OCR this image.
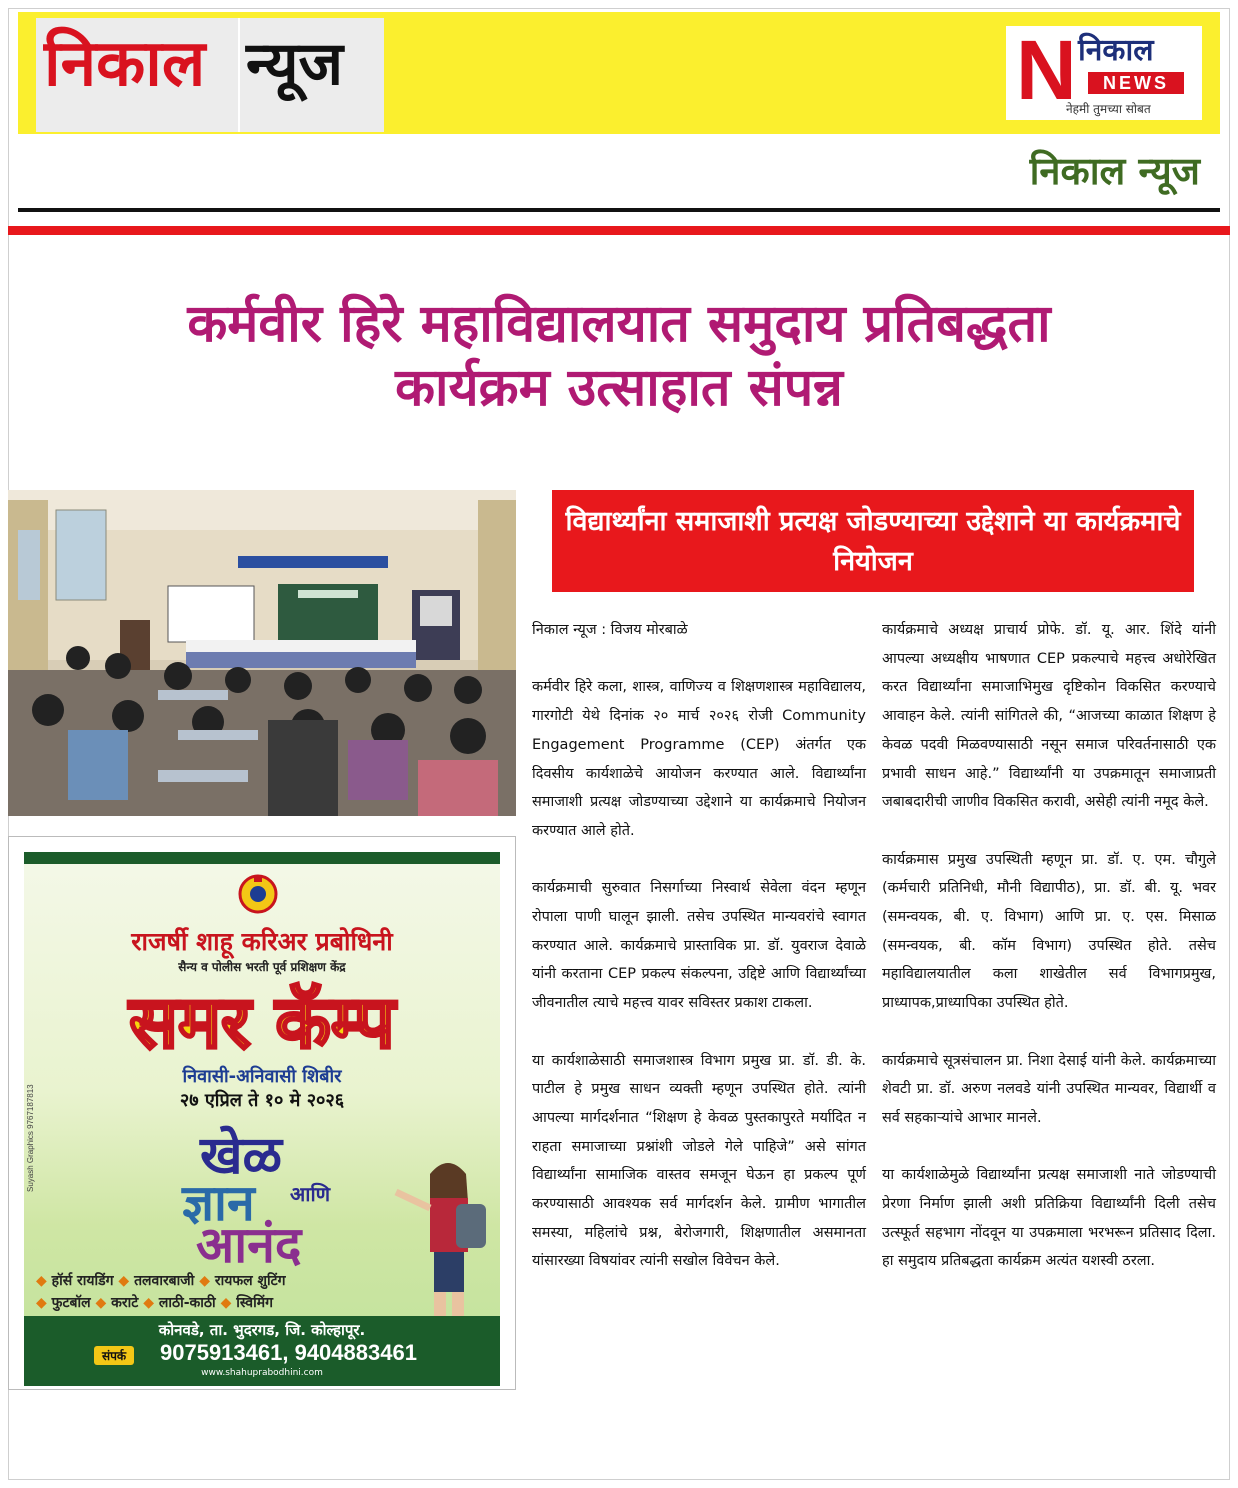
निकाल न्यूज	N निकाल
NEWS
नेहमी तुमच्या सोबत
निकाल न्यूज
कर्मवीर हिरे महाविद्यालयात समुदाय प्रतिबद्धता
कार्यक्रम उत्साहात संपन्न
विद्यार्थ्यांना समाजाशी प्रत्यक्ष जोडण्याच्या उद्देशाने या कार्यक्रमाचे नियोजन

निकाल न्यूज : विजय मोरबाळे

कर्मवीर हिरे कला, शास्त्र, वाणिज्य व शिक्षणशास्त्र महाविद्यालय, गारगोटी येथे दिनांक २० मार्च २०२६ रोजी Community Engagement Programme (CEP) अंतर्गत एक दिवसीय कार्यशाळेचे आयोजन करण्यात आले. विद्यार्थ्यांना समाजाशी प्रत्यक्ष जोडण्याच्या उद्देशाने या कार्यक्रमाचे नियोजन करण्यात आले होते.

कार्यक्रमाची सुरुवात निसर्गाच्या निस्वार्थ सेवेला वंदन म्हणून रोपाला पाणी घालून झाली. तसेच उपस्थित मान्यवरांचे स्वागत करण्यात आले. कार्यक्रमाचे प्रास्ताविक प्रा. डॉ. युवराज देवाळे यांनी करताना CEP प्रकल्प संकल्पना, उद्दिष्टे आणि विद्यार्थ्यांच्या जीवनातील त्याचे महत्त्व यावर सविस्तर प्रकाश टाकला.

या कार्यशाळेसाठी समाजशास्त्र विभाग प्रमुख प्रा. डॉ. डी. के. पाटील हे प्रमुख साधन व्यक्ती म्हणून उपस्थित होते. त्यांनी आपल्या मार्गदर्शनात “शिक्षण हे केवळ पुस्तकापुरते मर्यादित न राहता समाजाच्या प्रश्नांशी जोडले गेले पाहिजे” असे सांगत विद्यार्थ्यांना सामाजिक वास्तव समजून घेऊन हा प्रकल्प पूर्ण करण्यासाठी आवश्यक सर्व मार्गदर्शन केले. ग्रामीण भागातील समस्या, महिलांचे प्रश्न, बेरोजगारी, शिक्षणातील असमानता यांसारख्या विषयांवर त्यांनी सखोल विवेचन केले.

कार्यक्रमाचे अध्यक्ष प्राचार्य प्रोफे. डॉ. यू. आर. शिंदे यांनी आपल्या अध्यक्षीय भाषणात CEP प्रकल्पाचे महत्त्व अधोरेखित करत विद्यार्थ्यांना समाजाभिमुख दृष्टिकोन विकसित करण्याचे आवाहन केले. त्यांनी सांगितले की, “आजच्या काळात शिक्षण हे केवळ पदवी मिळवण्यासाठी नसून समाज परिवर्तनासाठी एक प्रभावी साधन आहे.” विद्यार्थ्यांनी या उपक्रमातून समाजाप्रती जबाबदारीची जाणीव विकसित करावी, असेही त्यांनी नमूद केले.

कार्यक्रमास प्रमुख उपस्थिती म्हणून प्रा. डॉ. ए. एम. चौगुले (कर्मचारी प्रतिनिधी, मौनी विद्यापीठ), प्रा. डॉ. बी. यू. भवर (समन्वयक, बी. ए. विभाग) आणि प्रा. ए. एस. मिसाळ (समन्वयक, बी. कॉम विभाग) उपस्थित होते. तसेच महाविद्यालयातील कला शाखेतील सर्व विभागप्रमुख, प्राध्यापक,प्राध्यापिका उपस्थित होते.

कार्यक्रमाचे सूत्रसंचालन प्रा. निशा देसाई यांनी केले. कार्यक्रमाच्या शेवटी प्रा. डॉ. अरुण नलवडे यांनी उपस्थित मान्यवर, विद्यार्थी व सर्व सहकाऱ्यांचे आभार मानले.

या कार्यशाळेमुळे विद्यार्थ्यांना प्रत्यक्ष समाजाशी नाते जोडण्याची प्रेरणा निर्माण झाली अशी प्रतिक्रिया विद्यार्थ्यांनी दिली तसेच उत्स्फूर्त सहभाग नोंदवून या उपक्रमाला भरभरून प्रतिसाद दिला. हा समुदाय प्रतिबद्धता कार्यक्रम अत्यंत यशस्वी ठरला.

राजर्षी शाहू करिअर प्रबोधिनी
सैन्य व पोलीस भरती पूर्व प्रशिक्षण केंद्र
समर कॅम्प
निवासी-अनिवासी शिबीर
२७ एप्रिल ते १० मे २०२६
खेळ
ज्ञान आणि
आनंद
◆ हॉर्स रायडिंग ◆ तलवारबाजी ◆ रायफल शुटिंग
◆ फुटबॉल ◆ कराटे ◆ लाठी-काठी ◆ स्विमिंग
Suyash Graphics 9767187813
कोनवडे, ता. भुदरगड, जि. कोल्हापूर.
संपर्क	9075913461, 9404883461
www.shahuprabodhini.com
